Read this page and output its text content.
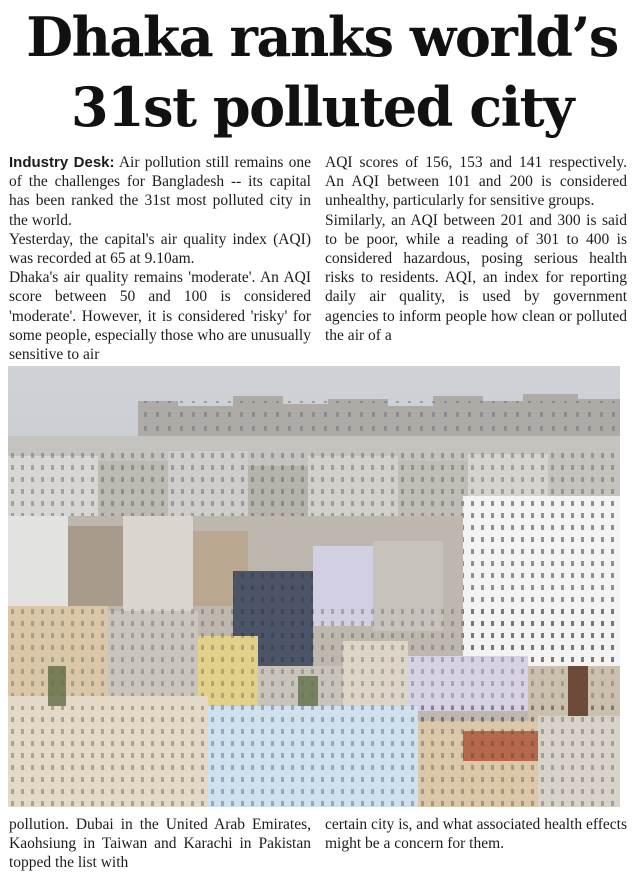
Dhaka ranks world’s
31st polluted city

Industry Desk: Air pollution still remains one of the challenges for Bangladesh -- its capital has been ranked the 31st most polluted city in the world.

Yesterday, the capital's air quality index (AQI) was recorded at 65 at 9.10am.

Dhaka's air quality remains 'moderate'. An AQI score between 50 and 100 is considered 'moderate'. However, it is considered 'risky' for some people, especially those who are unusually sensitive to air

AQI scores of 156, 153 and 141 respectively. An AQI between 101 and 200 is considered unhealthy, particularly for sensitive groups.

Similarly, an AQI between 201 and 300 is said to be poor, while a reading of 301 to 400 is considered hazardous, posing serious health risks to residents. AQI, an index for reporting daily air quality, is used by government agencies to inform people how clean or polluted the air of a

pollution. Dubai in the United Arab Emirates, Kaohsiung in Taiwan and Karachi in Pakistan topped the list with

certain city is, and what associated health effects might be a concern for them.
